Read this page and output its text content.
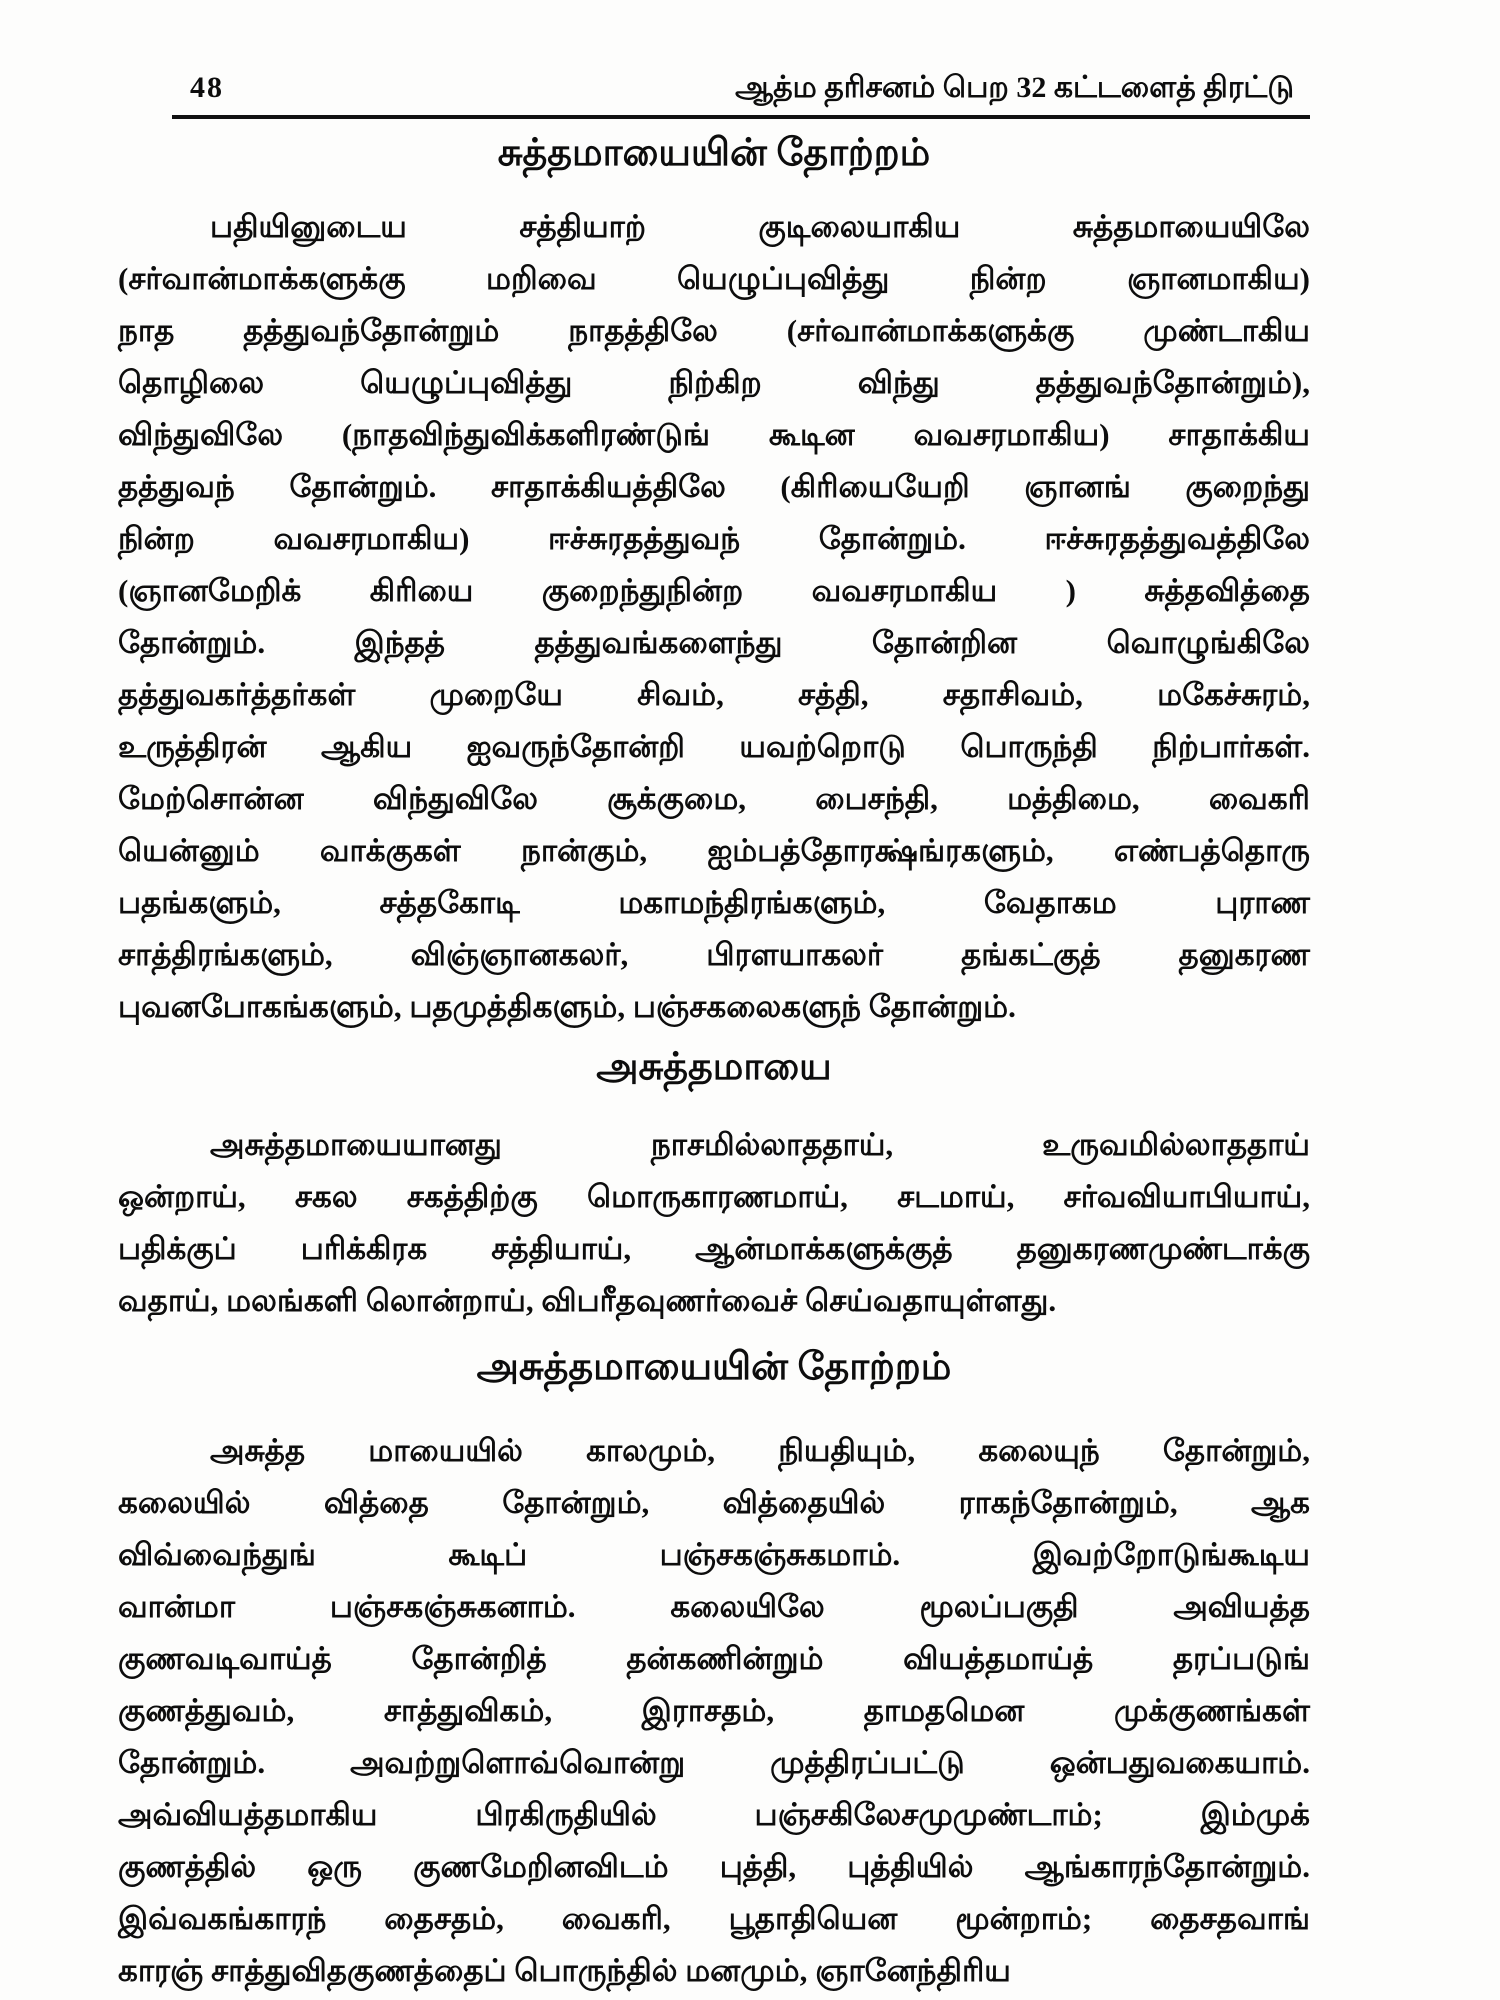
48	ஆத்ம தரிசனம் பெற 32 கட்டளைத் திரட்டு
சுத்தமாயையின் தோற்றம்
பதியினுடைய சத்தியாற் குடிலையாகிய சுத்தமாயையிலே
(சர்வான்மாக்களுக்கு மறிவை யெழுப்புவித்து நின்ற ஞானமாகிய)
நாத தத்துவந்தோன்றும் நாதத்திலே (சர்வான்மாக்களுக்கு முண்டாகிய
தொழிலை யெழுப்புவித்து நிற்கிற விந்து தத்துவந்தோன்றும்),
விந்துவிலே (நாதவிந்துவிக்களிரண்டுங் கூடின வவசரமாகிய) சாதாக்கிய
தத்துவந் தோன்றும். சாதாக்கியத்திலே (கிரியையேறி ஞானங் குறைந்து
நின்ற வவசரமாகிய) ஈச்சுரதத்துவந் தோன்றும். ஈச்சுரதத்துவத்திலே
(ஞானமேறிக் கிரியை குறைந்துநின்ற வவசரமாகிய ) சுத்தவித்தை
தோன்றும். இந்தத் தத்துவங்களைந்து தோன்றின வொழுங்கிலே
தத்துவகர்த்தர்கள் முறையே சிவம், சத்தி, சதாசிவம், மகேச்சுரம்,
உருத்திரன் ஆகிய ஐவருந்தோன்றி யவற்றொடு பொருந்தி நிற்பார்கள்.
மேற்சொன்ன விந்துவிலே சூக்குமை, பைசந்தி, மத்திமை, வைகரி
யென்னும் வாக்குகள் நான்கும், ஐம்பத்தோரக்ஷ்ங்ரகளும், எண்பத்தொரு
பதங்களும், சத்தகோடி மகாமந்திரங்களும், வேதாகம புராண
சாத்திரங்களும், விஞ்ஞானகலர், பிரளயாகலர் தங்கட்குத் தனுகரண
புவனபோகங்களும், பதமுத்திகளும், பஞ்சகலைகளுந் தோன்றும்.
அசுத்தமாயை
அசுத்தமாயையானது நாசமில்லாததாய், உருவமில்லாததாய்
ஒன்றாய், சகல சகத்திற்கு மொருகாரணமாய், சடமாய், சர்வவியாபியாய்,
பதிக்குப் பரிக்கிரக சத்தியாய், ஆன்மாக்களுக்குத் தனுகரணமுண்டாக்கு
வதாய், மலங்களி லொன்றாய், விபரீதவுணர்வைச் செய்வதாயுள்ளது.
அசுத்தமாயையின் தோற்றம்
அசுத்த மாயையில் காலமும், நியதியும், கலையுந் தோன்றும்,
கலையில் வித்தை தோன்றும், வித்தையில் ராகந்தோன்றும், ஆக
விவ்வைந்துங் கூடிப் பஞ்சகஞ்சுகமாம். இவற்றோடுங்கூடிய
வான்மா பஞ்சகஞ்சுகனாம். கலையிலே மூலப்பகுதி அவியத்த
குணவடிவாய்த் தோன்றித் தன்கணின்றும் வியத்தமாய்த் தரப்படுங்
குணத்துவம், சாத்துவிகம், இராசதம், தாமதமென முக்குணங்கள்
தோன்றும். அவற்றுளொவ்வொன்று முத்திரப்பட்டு ஒன்பதுவகையாம்.
அவ்வியத்தமாகிய பிரகிருதியில் பஞ்சகிலேசமுமுண்டாம்; இம்முக்
குணத்தில் ஒரு குணமேறினவிடம் புத்தி, புத்தியில் ஆங்காரந்தோன்றும்.
இவ்வகங்காரந் தைசதம், வைகரி, பூதாதியென மூன்றாம்; தைசதவாங்
காரஞ் சாத்துவிதகுணத்தைப் பொருந்தில் மனமும், ஞானேந்திரிய
